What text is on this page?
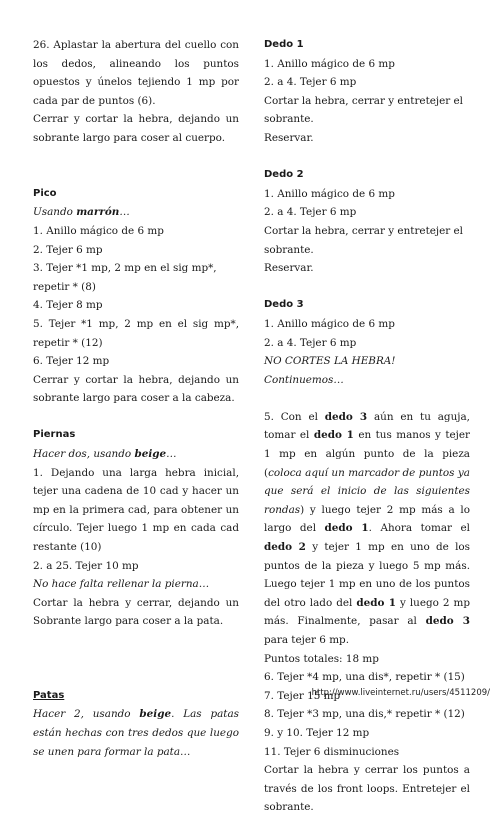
26. Aplastar la abertura del cuello con los dedos, alineando los puntos opuestos y únelos tejiendo 1 mp por cada par de puntos (6).

Cerrar y cortar la hebra, dejando un sobrante largo para coser al cuerpo.

Pico

Usando marrón…

1. Anillo mágico de 6 mp

2. Tejer 6 mp

3. Tejer *1 mp, 2 mp en el sig mp*, repetir * (8)

4. Tejer 8 mp

5. Tejer *1 mp, 2 mp en el sig mp*, repetir * (12)

6. Tejer 12 mp

Cerrar y cortar la hebra, dejando un sobrante largo para coser a la cabeza.

Piernas

Hacer dos, usando beige…

1. Dejando una larga hebra inicial, tejer una cadena de 10 cad y hacer un mp en la primera cad, para obtener un círculo. Tejer luego 1 mp en cada cad restante (10)

2. a 25. Tejer 10 mp

No hace falta rellenar la pierna…

Cortar la hebra y cerrar, dejando un Sobrante largo para coser a la pata.

Patas

Hacer 2, usando beige. Las patas están hechas con tres dedos que luego se unen para formar la pata…

Dedo 1

1. Anillo mágico de 6 mp

2. a 4. Tejer 6 mp

Cortar la hebra, cerrar y entretejer el sobrante.

Reservar.

Dedo 2

1. Anillo mágico de 6 mp

2. a 4. Tejer 6 mp

Cortar la hebra, cerrar y entretejer el sobrante.

Reservar.

Dedo 3

1. Anillo mágico de 6 mp

2. a 4. Tejer 6 mp

NO CORTES LA HEBRA! Continuemos…

5. Con el dedo 3 aún en tu aguja, tomar el dedo 1 en tus manos y tejer 1 mp en algún punto de la pieza (coloca aquí un marcador de puntos ya que será el inicio de las siguientes rondas) y luego tejer 2 mp más a lo largo del dedo 1. Ahora tomar el dedo 2 y tejer 1 mp en uno de los puntos de la pieza y luego 5 mp más. Luego tejer 1 mp en uno de los puntos del otro lado del dedo 1 y luego 2 mp más. Finalmente, pasar al dedo 3 para tejer 6 mp.

Puntos totales: 18 mp

6. Tejer *4 mp, una dis*, repetir * (15)

7. Tejer 15 mp

8. Tejer *3 mp, una dis,* repetir * (12)

9. y 10. Tejer 12 mp

11. Tejer 6 disminuciones

Cortar la hebra y cerrar los puntos a través de los front loops. Entretejer el sobrante.

http://www.liveinternet.ru/users/4511209/
